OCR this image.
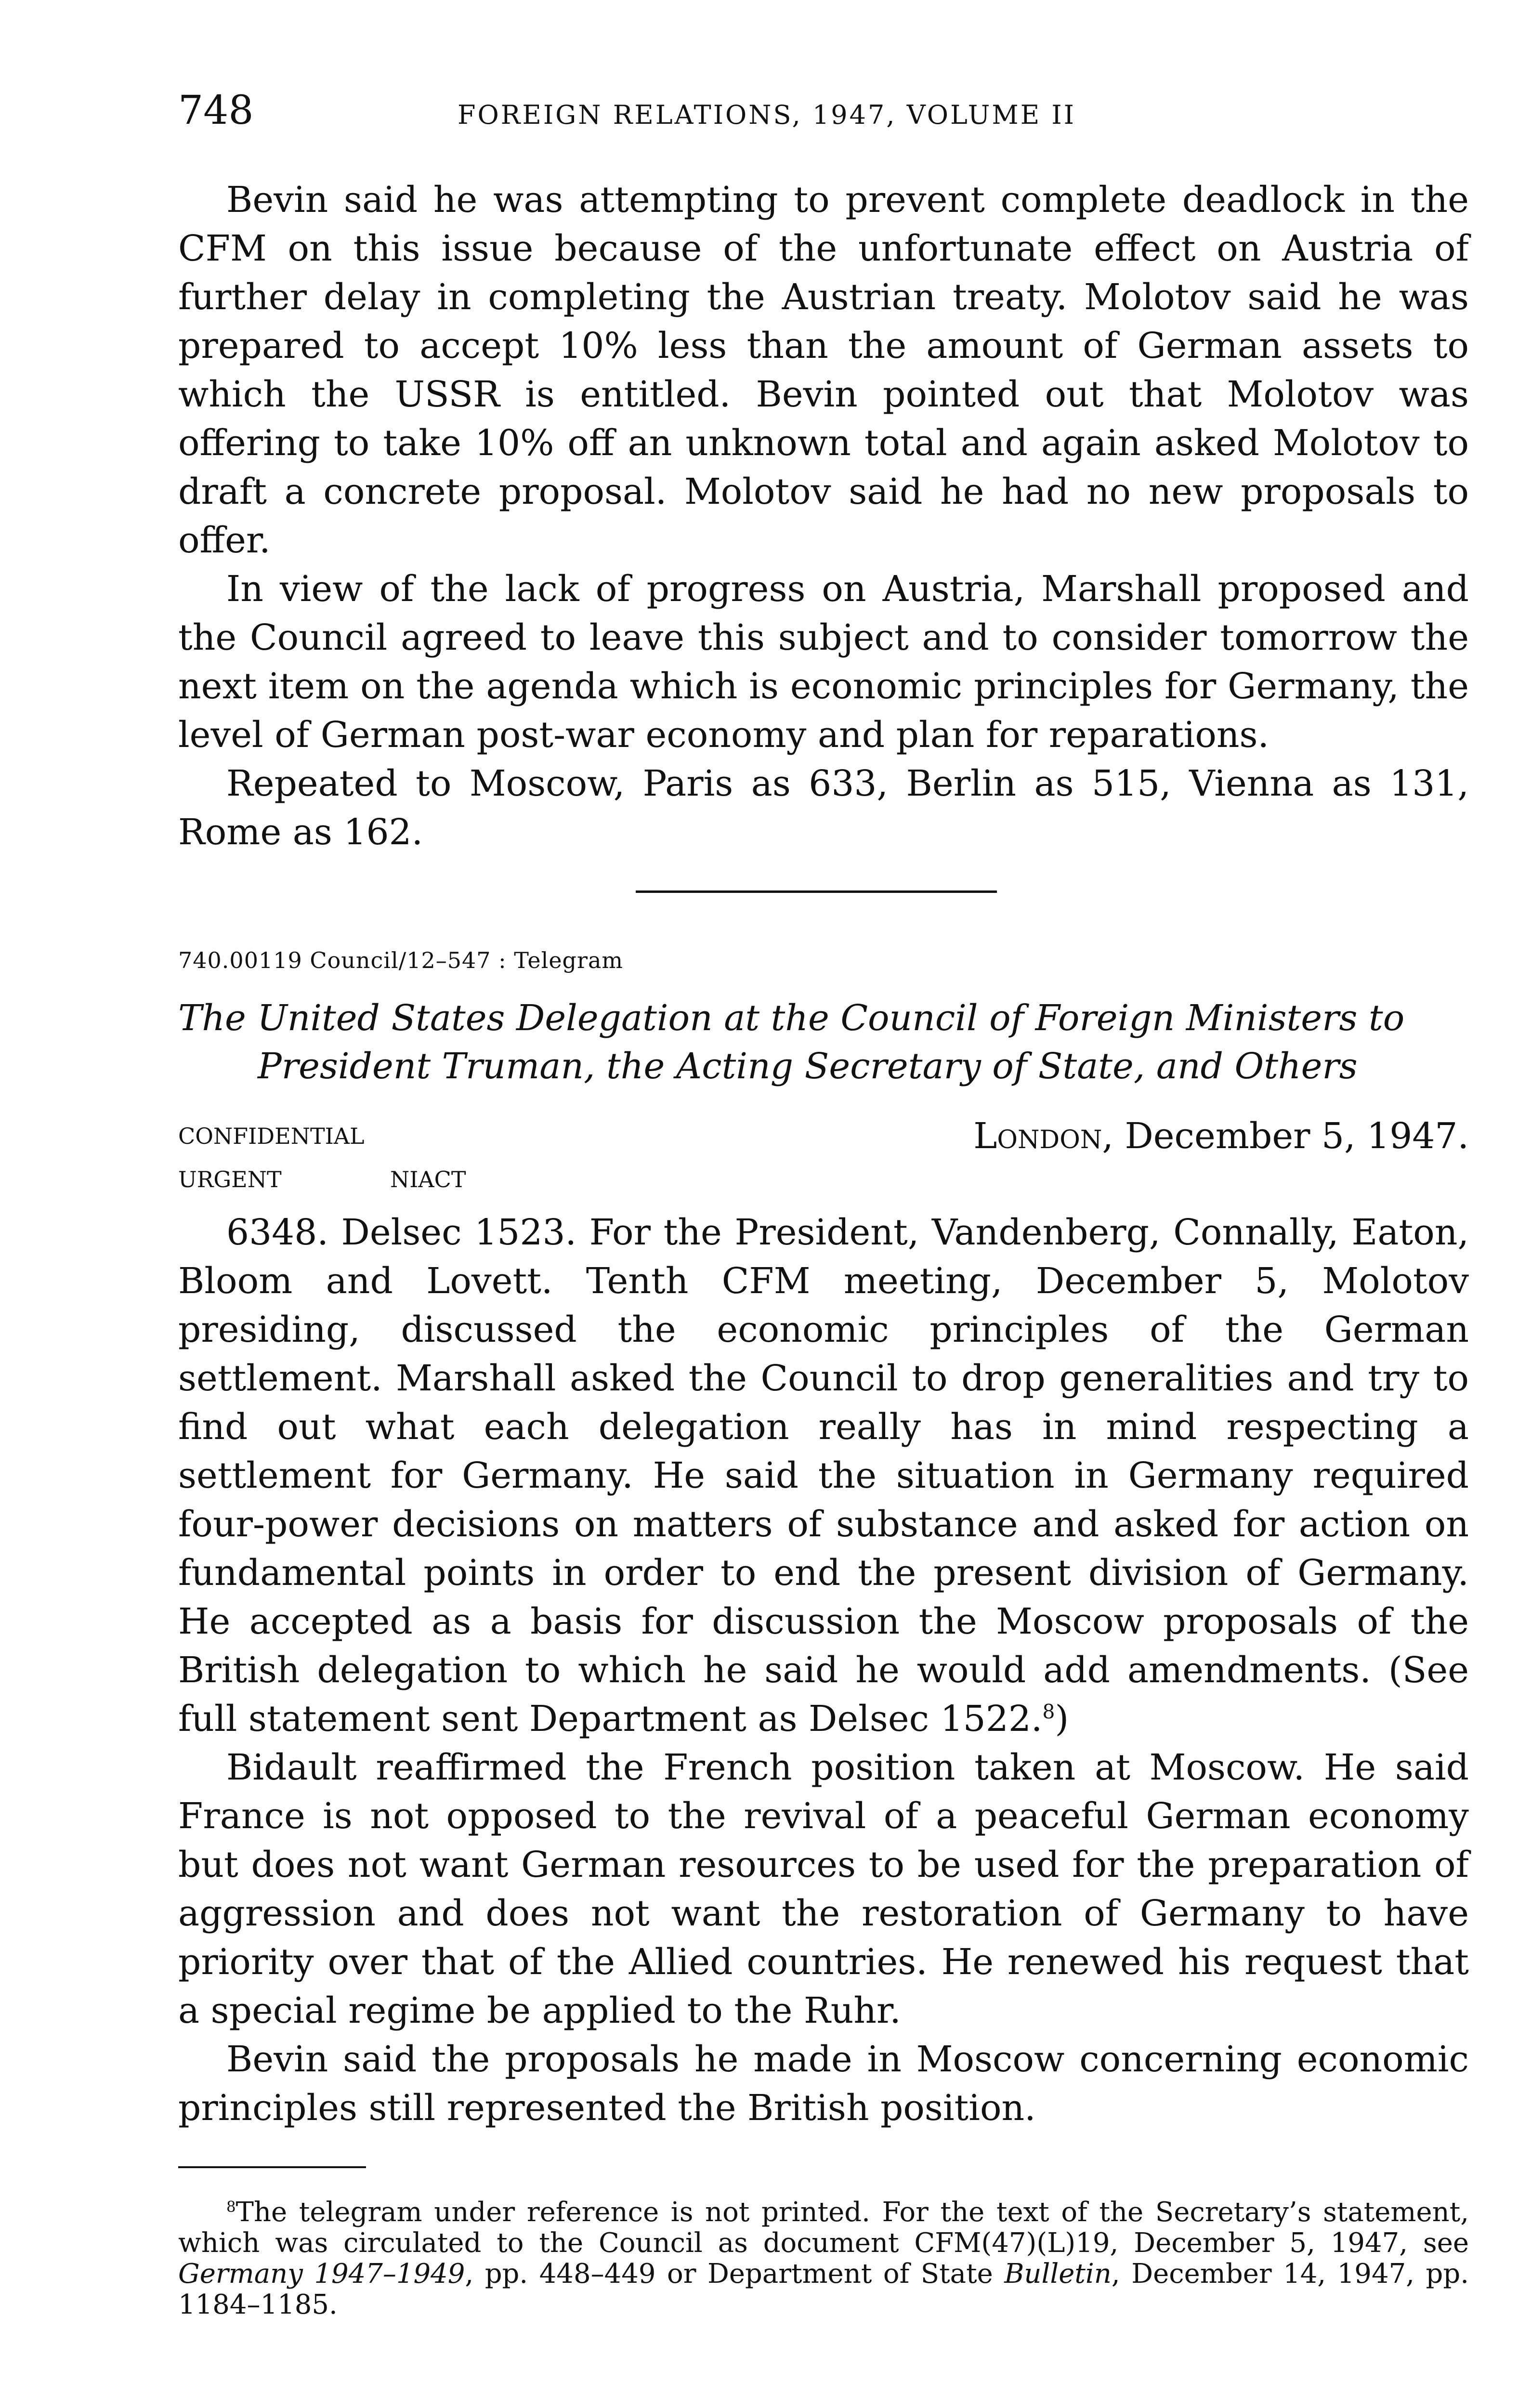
748	FOREIGN RELATIONS, 1947, VOLUME II

Bevin said he was attempting to prevent complete deadlock in the CFM on this issue because of the unfortunate effect on Austria of further delay in completing the Austrian treaty. Molotov said he was prepared to accept 10% less than the amount of German assets to which the USSR is entitled. Bevin pointed out that Molotov was offering to take 10% off an unknown total and again asked Molotov to draft a concrete proposal. Molotov said he had no new proposals to offer.

In view of the lack of progress on Austria, Marshall proposed and the Council agreed to leave this subject and to consider tomorrow the next item on the agenda which is economic principles for Germany, the level of German post-war economy and plan for reparations.

Repeated to Moscow, Paris as 633, Berlin as 515, Vienna as 131, Rome as 162.

740.00119 Council/12–547 : Telegram
The United States Delegation at the Council of Foreign Ministers to
President Truman, the Acting Secretary of State, and Others
CONFIDENTIAL
URGENT	NIACT
London, December 5, 1947.

6348. Delsec 1523. For the President, Vandenberg, Connally, Eaton, Bloom and Lovett. Tenth CFM meeting, December 5, Molotov presiding, discussed the economic principles of the German settlement. Marshall asked the Council to drop generalities and try to find out what each delegation really has in mind respecting a settlement for Germany. He said the situation in Germany required four-power decisions on matters of substance and asked for action on fundamental points in order to end the present division of Germany. He accepted as a basis for discussion the Moscow proposals of the British delegation to which he said he would add amendments. (See full statement sent Department as Delsec 1522.$^8$)

Bidault reaffirmed the French position taken at Moscow. He said France is not opposed to the revival of a peaceful German economy but does not want German resources to be used for the preparation of aggression and does not want the restoration of Germany to have priority over that of the Allied countries. He renewed his request that a special regime be applied to the Ruhr.

Bevin said the proposals he made in Moscow concerning economic principles still represented the British position.

$^8$The telegram under reference is not printed. For the text of the Secretary’s statement, which was circulated to the Council as document CFM(47)(L)19, December 5, 1947, see Germany 1947–1949, pp. 448–449 or Department of State Bulletin, December 14, 1947, pp. 1184–1185.
